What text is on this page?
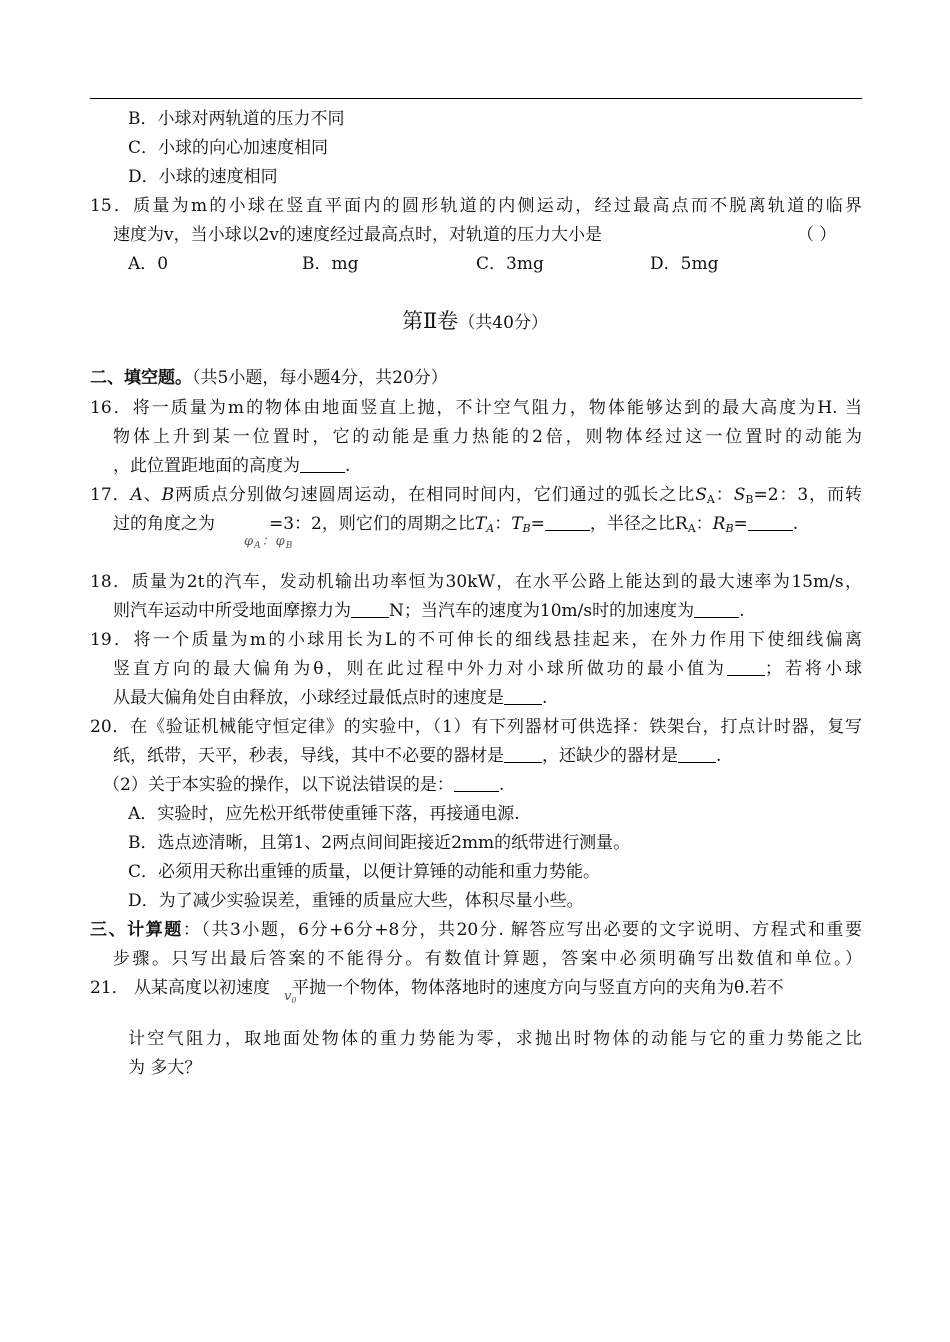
B．小球对两轨道的压力不同
C．小球的向心加速度相同
D．小球的速度相同
15．质量为m的小球在竖直平面内的圆形轨道的内侧运动，经过最高点而不脱离轨道的临界
速度为v，当小球以2v的速度经过最高点时，对轨道的压力大小是	（ ）
A．0	B．mg	C．3mg	D．5mg
第Ⅱ卷（共40分）
二、填空题。（共5小题，每小题4分，共20分）
16．将一质量为m的物体由地面竖直上抛，不计空气阻力，物体能够达到的最大高度为H. 当
物体上升到某一位置时，它的动能是重力热能的2倍，则物体经过这一位置时的动能为
，此位置距地面的高度为	.
17．A、B两质点分别做匀速圆周运动，在相同时间内，它们通过的弧长之比$S_A$：$S_B=2$：3，而转
过的角度之为	=3：2，则它们的周期之比$T_A$：$T_B=$	，半径之比$R_A$：$R_B=$	.
$\varphi_A$：$\varphi_B$
18．质量为2t的汽车，发动机输出功率恒为30kW，在水平公路上能达到的最大速率为15m/s，
则汽车运动中所受地面摩擦力为 N；当汽车的速度为10m/s时的加速度为	.
19．将一个质量为m的小球用长为L的不可伸长的细线悬挂起来，在外力作用下使细线偏离
竖直方向的最大偏角为θ，则在此过程中外力对小球所做功的最小值为 ；若将小球
从最大偏角处自由释放，小球经过最低点时的速度是 .
20．在《验证机械能守恒定律》的实验中，（1）有下列器材可供选择：铁架台，打点计时器，复写
纸，纸带，天平，秒表，导线，其中不必要的器材是 ，还缺少的器材是 .
（2）关于本实验的操作，以下说法错误的是：	.
A．实验时，应先松开纸带使重锤下落，再接通电源.
B．选点迹清晰，且第1、2两点间间距接近2mm的纸带进行测量。
C．必须用天称出重锤的质量，以便计算锤的动能和重力势能。
D．为了减少实验误差，重锤的质量应大些，体积尽量小些。
三、计算题：（共3小题，6分+6分+8分，共20分. 解答应写出必要的文字说明、方程式和重要
步骤。只写出最后答案的不能得分。有数值计算题，答案中必须明确写出数值和单位。）
21． 从某高度以初速度 平抛一个物体，物体落地时的速度方向与竖直方向的夹角为θ.若不
$v_0$
计空气阻力，取地面处物体的重力势能为零，求抛出时物体的动能与它的重力势能之比
为 多大？
